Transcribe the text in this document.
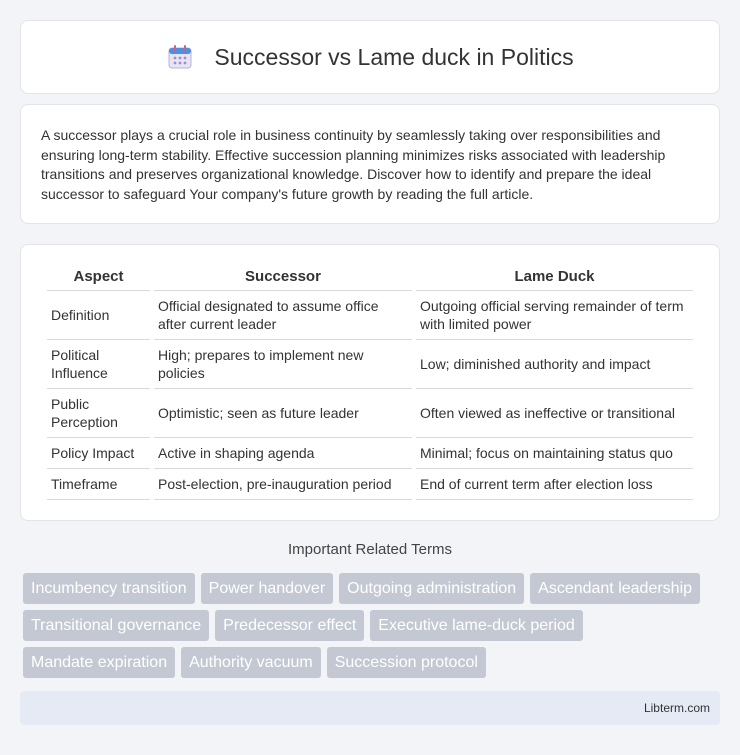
Successor vs Lame duck in Politics

A successor plays a crucial role in business continuity by seamlessly taking over responsibilities and ensuring long-term stability. Effective succession planning minimizes risks associated with leadership transitions and preserves organizational knowledge. Discover how to identify and prepare the ideal successor to safeguard Your company's future growth by reading the full article.

Aspect	Successor	Lame Duck
Definition	Official designated to assume office after current leader	Outgoing official serving remainder of term with limited power
Political Influence	High; prepares to implement new policies	Low; diminished authority and impact
Public Perception	Optimistic; seen as future leader	Often viewed as ineffective or transitional
Policy Impact	Active in shaping agenda	Minimal; focus on maintaining status quo
Timeframe	Post-election, pre-inauguration period	End of current term after election loss
Important Related Terms
Incumbency transition	Power handover	Outgoing administration	Ascendant leadership
Transitional governance	Predecessor effect	Executive lame-duck period
Mandate expiration	Authority vacuum	Succession protocol
Libterm.com
